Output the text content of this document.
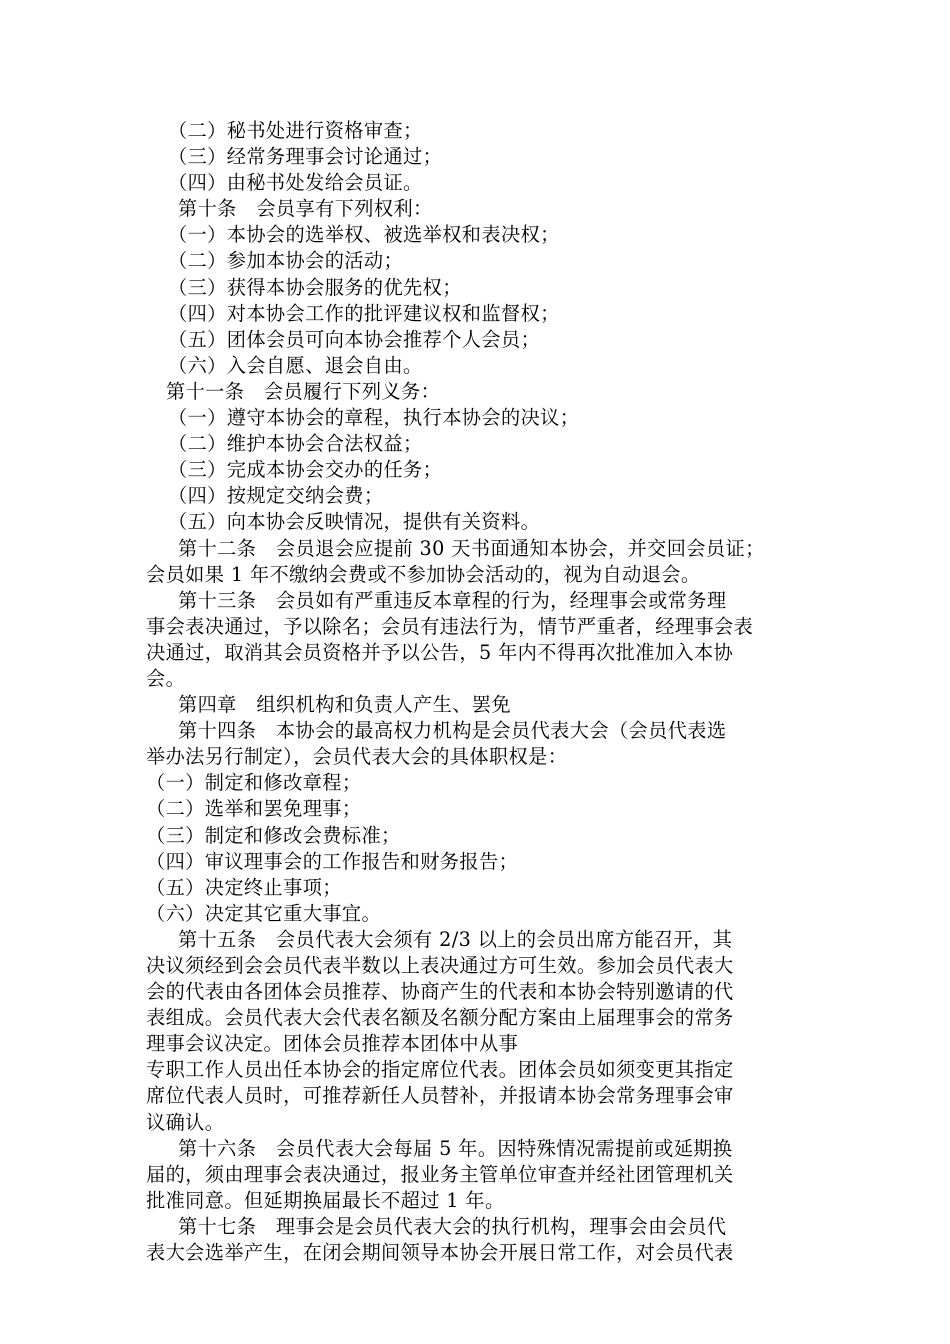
（二）秘书处进行资格审查；
（三）经常务理事会讨论通过；
（四）由秘书处发给会员证。
第十条　会员享有下列权利：
（一）本协会的选举权、被选举权和表决权；
（二）参加本协会的活动；
（三）获得本协会服务的优先权；
（四）对本协会工作的批评建议权和监督权；
（五）团体会员可向本协会推荐个人会员；
（六）入会自愿、退会自由。
第十一条　会员履行下列义务：
（一）遵守本协会的章程，执行本协会的决议；
（二）维护本协会合法权益；
（三）完成本协会交办的任务；
（四）按规定交纳会费；
（五）向本协会反映情况，提供有关资料。
第十二条　会员退会应提前 30 天书面通知本协会，并交回会员证；
会员如果 1 年不缴纳会费或不参加协会活动的，视为自动退会。
第十三条　会员如有严重违反本章程的行为，经理事会或常务理
事会表决通过，予以除名；会员有违法行为，情节严重者，经理事会表
决通过，取消其会员资格并予以公告，5 年内不得再次批准加入本协
会。
第四章　组织机构和负责人产生、罢免
第十四条　本协会的最高权力机构是会员代表大会（会员代表选
举办法另行制定），会员代表大会的具体职权是：
（一）制定和修改章程；
（二）选举和罢免理事；
（三）制定和修改会费标准；
（四）审议理事会的工作报告和财务报告；
（五）决定终止事项；
（六）决定其它重大事宜。
第十五条　会员代表大会须有 2/3 以上的会员出席方能召开，其
决议须经到会会员代表半数以上表决通过方可生效。参加会员代表大
会的代表由各团体会员推荐、协商产生的代表和本协会特别邀请的代
表组成。会员代表大会代表名额及名额分配方案由上届理事会的常务
理事会议决定。团体会员推荐本团体中从事
专职工作人员出任本协会的指定席位代表。团体会员如须变更其指定
席位代表人员时，可推荐新任人员替补，并报请本协会常务理事会审
议确认。
第十六条　会员代表大会每届 5 年。因特殊情况需提前或延期换
届的，须由理事会表决通过，报业务主管单位审查并经社团管理机关
批准同意。但延期换届最长不超过 1 年。
第十七条　理事会是会员代表大会的执行机构，理事会由会员代
表大会选举产生，在闭会期间领导本协会开展日常工作，对会员代表
